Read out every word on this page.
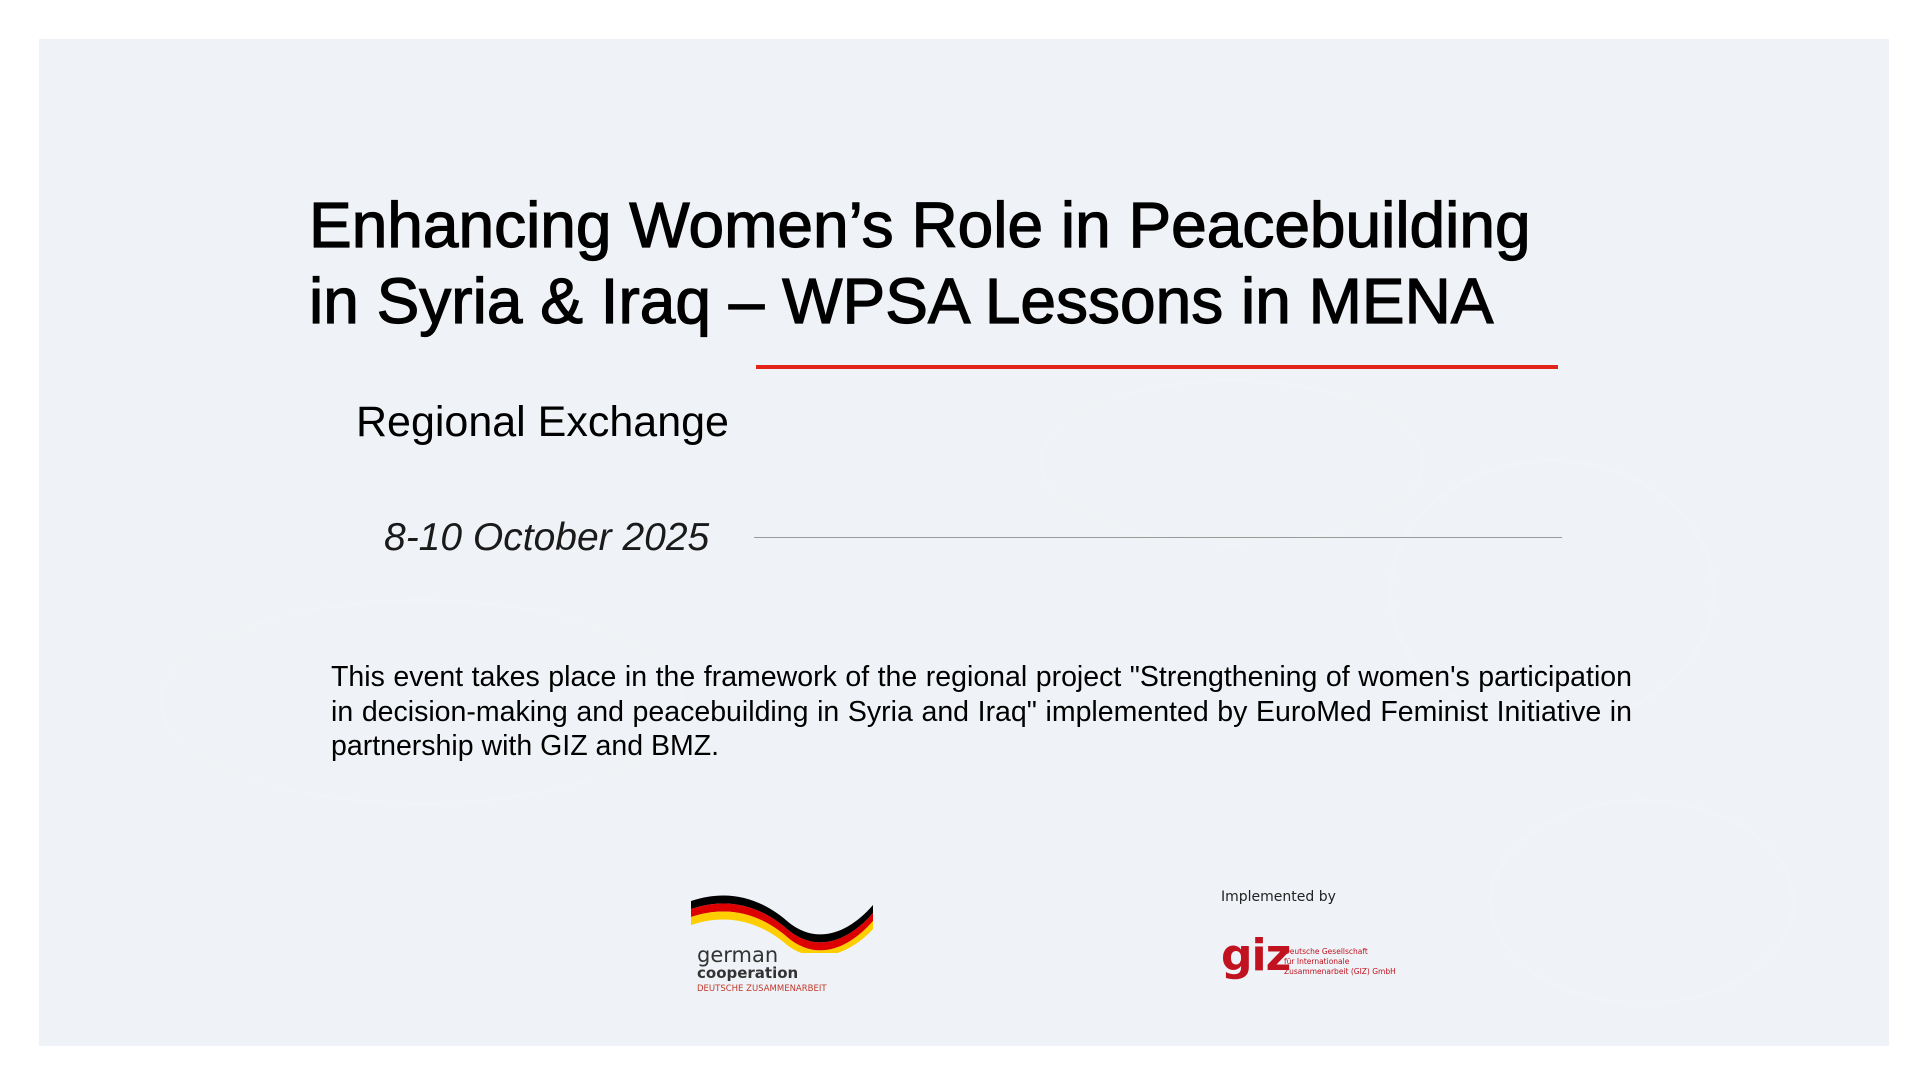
Enhancing Women’s Role in Peacebuilding
in Syria & Iraq – WPSA Lessons in MENA
Regional Exchange
8-10 October 2025

This event takes place in the framework of the regional project "Strengthening of women's participation in decision-making and peacebuilding in Syria and Iraq" implemented by EuroMed Feminist Initiative in partnership with GIZ and BMZ.

german
cooperation
DEUTSCHE ZUSAMMENARBEIT
Implemented by
giz
Deutsche Gesellschaft
für Internationale
Zusammenarbeit (GIZ) GmbH
